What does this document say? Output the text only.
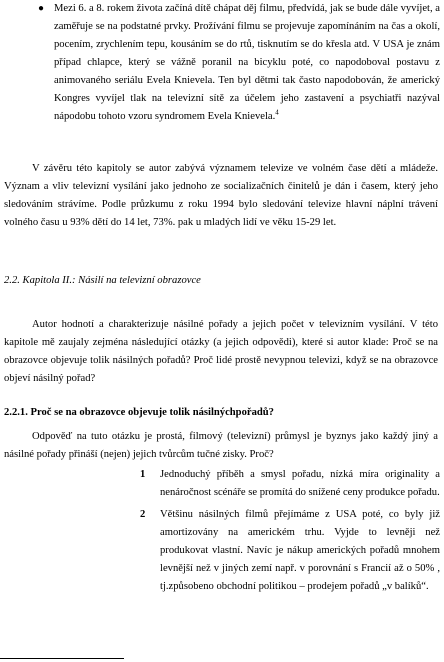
● Mezi 6. a 8. rokem života začíná dítě chápat děj filmu, předvídá, jak se bude dále vyvíjet, a zaměřuje se na podstatné prvky. Prožívání filmu se projevuje zapomínáním na čas a okolí, pocením, zrychlením tepu, kousáním se do rtů, tisknutím se do křesla atd. V USA je znám případ chlapce, který se vážně poranil na bicyklu poté, co napodoboval postavu z animovaného seriálu Evela Knievela. Ten byl dětmi tak často napodobován, že americký Kongres vyvíjel tlak na televizní sítě za účelem jeho zastavení a psychiatři nazýval nápodobu tohoto vzoru syndromem Evela Knievela.$^4$
V závěru této kapitoly se autor zabývá významem televize ve volném čase dětí a mládeže. Význam a vliv televizní vysílání jako jednoho ze socializačních činitelů je dán i časem, který jeho sledováním strávíme. Podle průzkumu z roku 1994 bylo sledování televize hlavní náplní trávení volného času u 93% dětí do 14 let, 73%. pak u mladých lidí ve věku 15-29 let.
2.2. Kapitola II.: Násilí na televizní obrazovce
Autor hodnotí a charakterizuje násilné pořady a jejich počet v televizním vysílání. V této kapitole mě zaujaly zejména následující otázky (a jejich odpovědi), které si autor klade: Proč se na obrazovce objevuje tolik násilných pořadů? Proč lidé prostě nevypnou televizi, když se na obrazovce objeví násilný pořad?
2.2.1. Proč se na obrazovce objevuje tolik násilnýchpořadů?
Odpověď na tuto otázku je prostá, filmový (televizní) průmysl je byznys jako každý jiný a násilné pořady přináší (nejen) jejich tvůrcům tučné zisky. Proč?
1 Jednoduchý příběh a smysl pořadu, nízká míra originality a nenáročnost scénáře se promítá do snížené ceny produkce pořadu.
2 Většinu násilných filmů přejímáme z USA poté, co byly již amortizovány na americkém trhu. Vyjde to levněji než produkovat vlastní. Navíc je nákup amerických pořadů mnohem levnější než v jiných zemí např. v porovnání s Francií až o 50% , tj.způsobeno obchodní politikou – prodejem pořadů „v balíků“.
